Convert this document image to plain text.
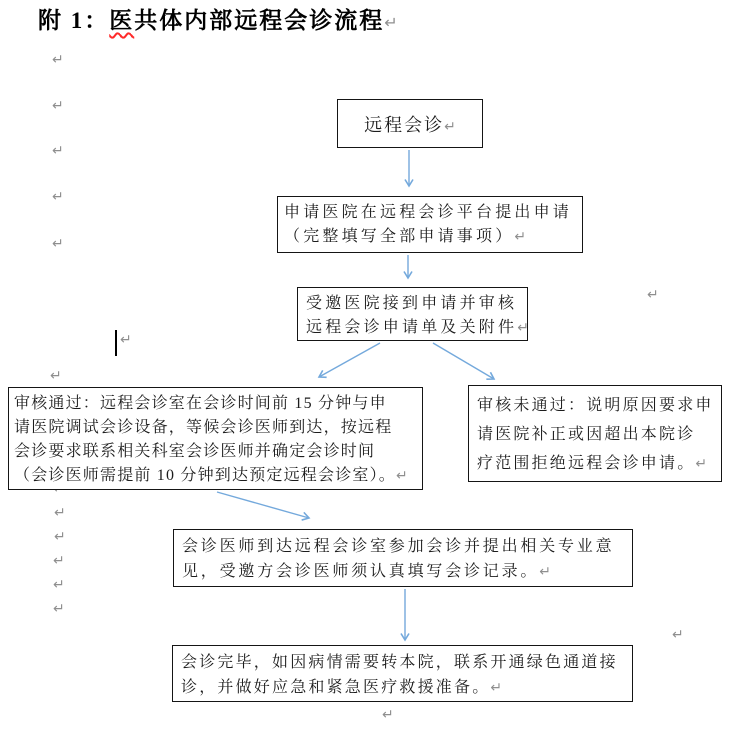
附 1：医共体内部远程会诊流程↵
↵
↵
↵
↵
↵
↵
↵
↵
↵
↵
↵
↵
↵
↵
↵
远程会诊↵
申请医院在远程会诊平台提出申请
（完整填写全部申请事项）↵
受邀医院接到申请并审核
远程会诊申请单及关附件↵
审核通过：远程会诊室在会诊时间前 15 分钟与申
请医院调试会诊设备，等候会诊医师到达，按远程
会诊要求联系相关科室会诊医师并确定会诊时间
（会诊医师需提前 10 分钟到达预定远程会诊室）。↵
审核未通过：说明原因要求申
请医院补正或因超出本院诊
疗范围拒绝远程会诊申请。↵
会诊医师到达远程会诊室参加会诊并提出相关专业意
见，受邀方会诊医师须认真填写会诊记录。↵
会诊完毕，如因病情需要转本院，联系开通绿色通道接
诊，并做好应急和紧急医疗救援准备。↵
